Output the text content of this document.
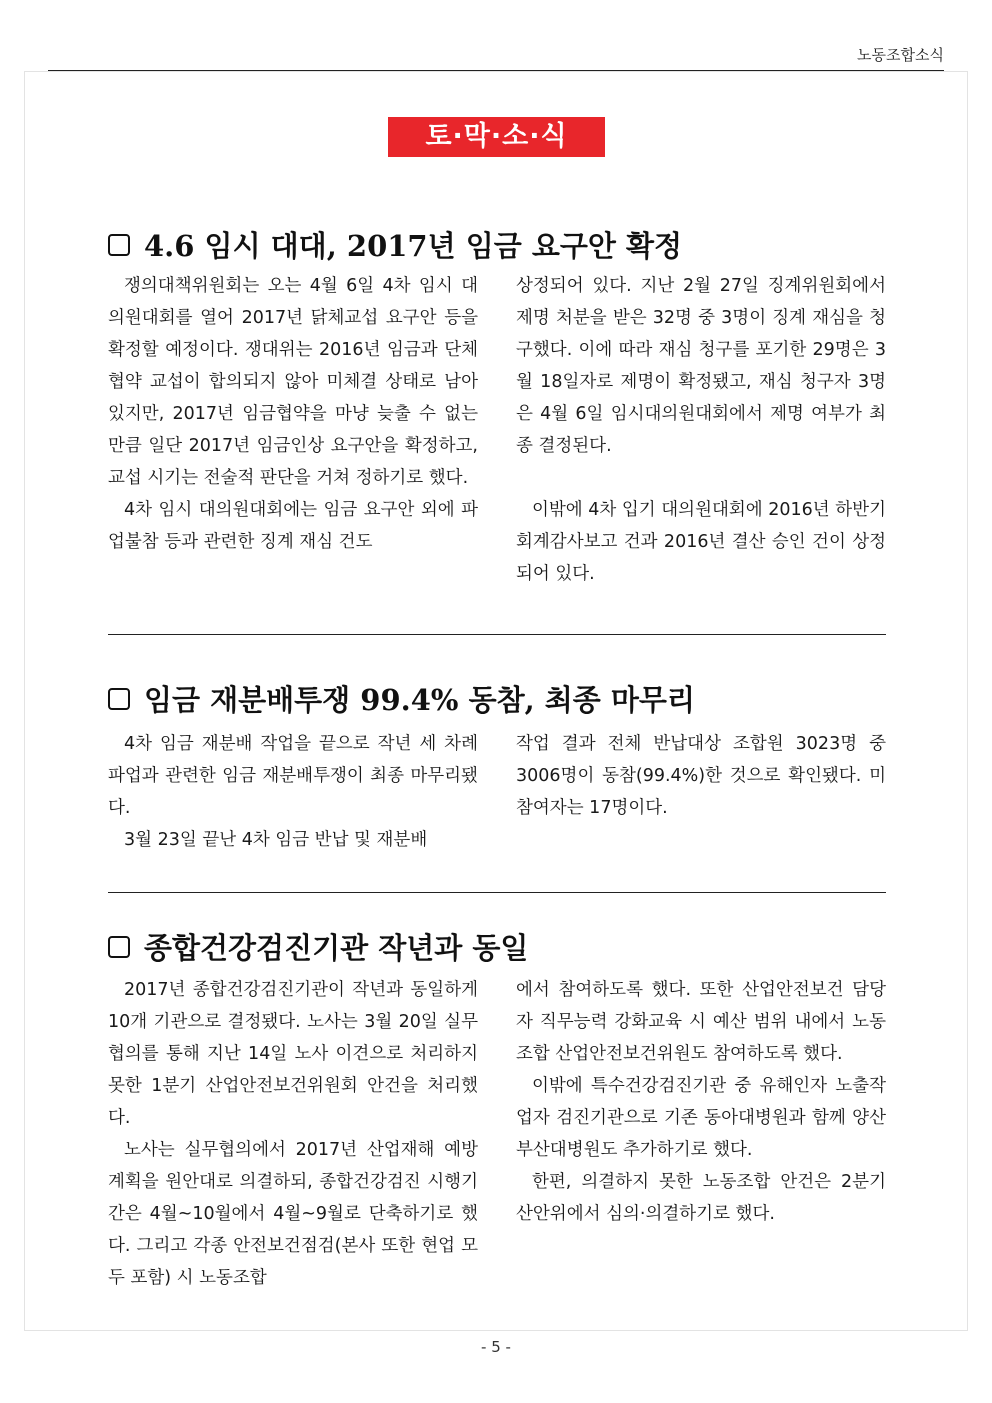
노동조합소식
토·막·소·식
4.6 임시 대대, 2017년 임금 요구안 확정

쟁의대책위원회는 오는 4월 6일 4차 임시 대의원대회를 열어 2017년 닭체교섭 요구안 등을 확정할 예정이다. 쟁대위는 2016년 임금과 단체협약 교섭이 합의되지 않아 미체결 상태로 남아 있지만, 2017년 임금협약을 마냥 늦출 수 없는 만큼 일단 2017년 임금인상 요구안을 확정하고, 교섭 시기는 전술적 판단을 거쳐 정하기로 했다.

4차 임시 대의원대회에는 임금 요구안 외에 파업불참 등과 관련한 징계 재심 건도

상정되어 있다. 지난 2월 27일 징계위원회에서 제명 처분을 받은 32명 중 3명이 징계 재심을 청구했다. 이에 따라 재심 청구를 포기한 29명은 3월 18일자로 제명이 확정됐고, 재심 청구자 3명은 4월 6일 임시대의원대회에서 제명 여부가 최종 결정된다.

이밖에 4차 입기 대의원대회에 2016년 하반기 회계감사보고 건과 2016년 결산 승인 건이 상정되어 있다.

임금 재분배투쟁 99.4% 동참, 최종 마무리

4차 임금 재분배 작업을 끝으로 작년 세 차례 파업과 관련한 임금 재분배투쟁이 최종 마무리됐다.

3월 23일 끝난 4차 임금 반납 및 재분배

작업 결과 전체 반납대상 조합원 3023명 중 3006명이 동참(99.4%)한 것으로 확인됐다. 미 참여자는 17명이다.

종합건강검진기관 작년과 동일

2017년 종합건강검진기관이 작년과 동일하게 10개 기관으로 결정됐다. 노사는 3월 20일 실무협의를 통해 지난 14일 노사 이견으로 처리하지 못한 1분기 산업안전보건위원회 안건을 처리했다.

노사는 실무협의에서 2017년 산업재해 예방계획을 원안대로 의결하되, 종합건강검진 시행기간은 4월~10월에서 4월~9월로 단축하기로 했다. 그리고 각종 안전보건점검(본사 또한 현업 모두 포함) 시 노동조합

에서 참여하도록 했다. 또한 산업안전보건 담당자 직무능력 강화교육 시 예산 범위 내에서 노동조합 산업안전보건위원도 참여하도록 했다.

이밖에 특수건강검진기관 중 유해인자 노출작업자 검진기관으로 기존 동아대병원과 함께 양산부산대병원도 추가하기로 했다.

한편, 의결하지 못한 노동조합 안건은 2분기 산안위에서 심의·의결하기로 했다.

- 5 -
